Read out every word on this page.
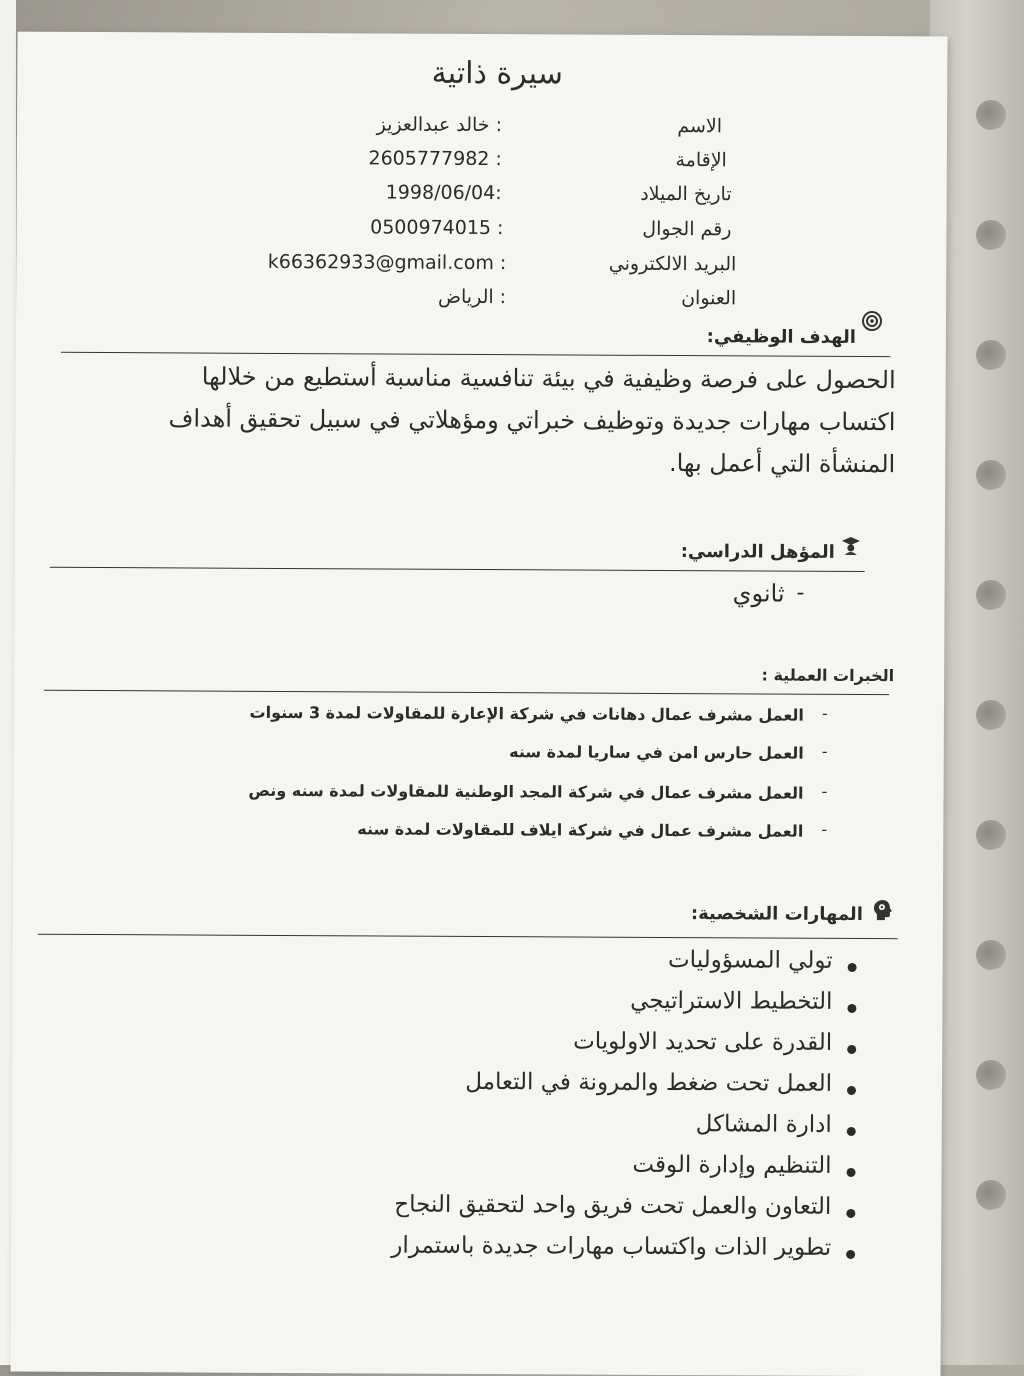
سيرة ذاتية
الاسم
خالد عبدالعزيز :
الإقامة
2605777982 :
تاريخ الميلاد
1998/06/04:
رقم الجوال
0500974015 :
البريد الالكتروني
k66362933@gmail.com :
العنوان
الرياض :
الهدف الوظيفي:
الحصول على فرصة وظيفية في بيئة تنافسية مناسبة أستطيع من خلالها
اكتساب مهارات جديدة وتوظيف خبراتي ومؤهلاتي في سبيل تحقيق أهداف
المنشأة التي أعمل بها.
المؤهل الدراسي:
-
ثانوي
الخبرات العملية :
العمل مشرف عمال دهانات في شركة الإعارة للمقاولات لمدة 3 سنوات -
العمل حارس امن في ساريا لمدة سنه -
العمل مشرف عمال في شركة المجد الوطنية للمقاولات لمدة سنه ونص -
العمل مشرف عمال في شركة ايلاف للمقاولات لمدة سنه -
المهارات الشخصية:
تولي المسؤوليات
التخطيط الاستراتيجي
القدرة على تحديد الاولويات
العمل تحت ضغط والمرونة في التعامل
ادارة المشاكل
التنظيم وإدارة الوقت
التعاون والعمل تحت فريق واحد لتحقيق النجاح
تطوير الذات واكتساب مهارات جديدة باستمرار
